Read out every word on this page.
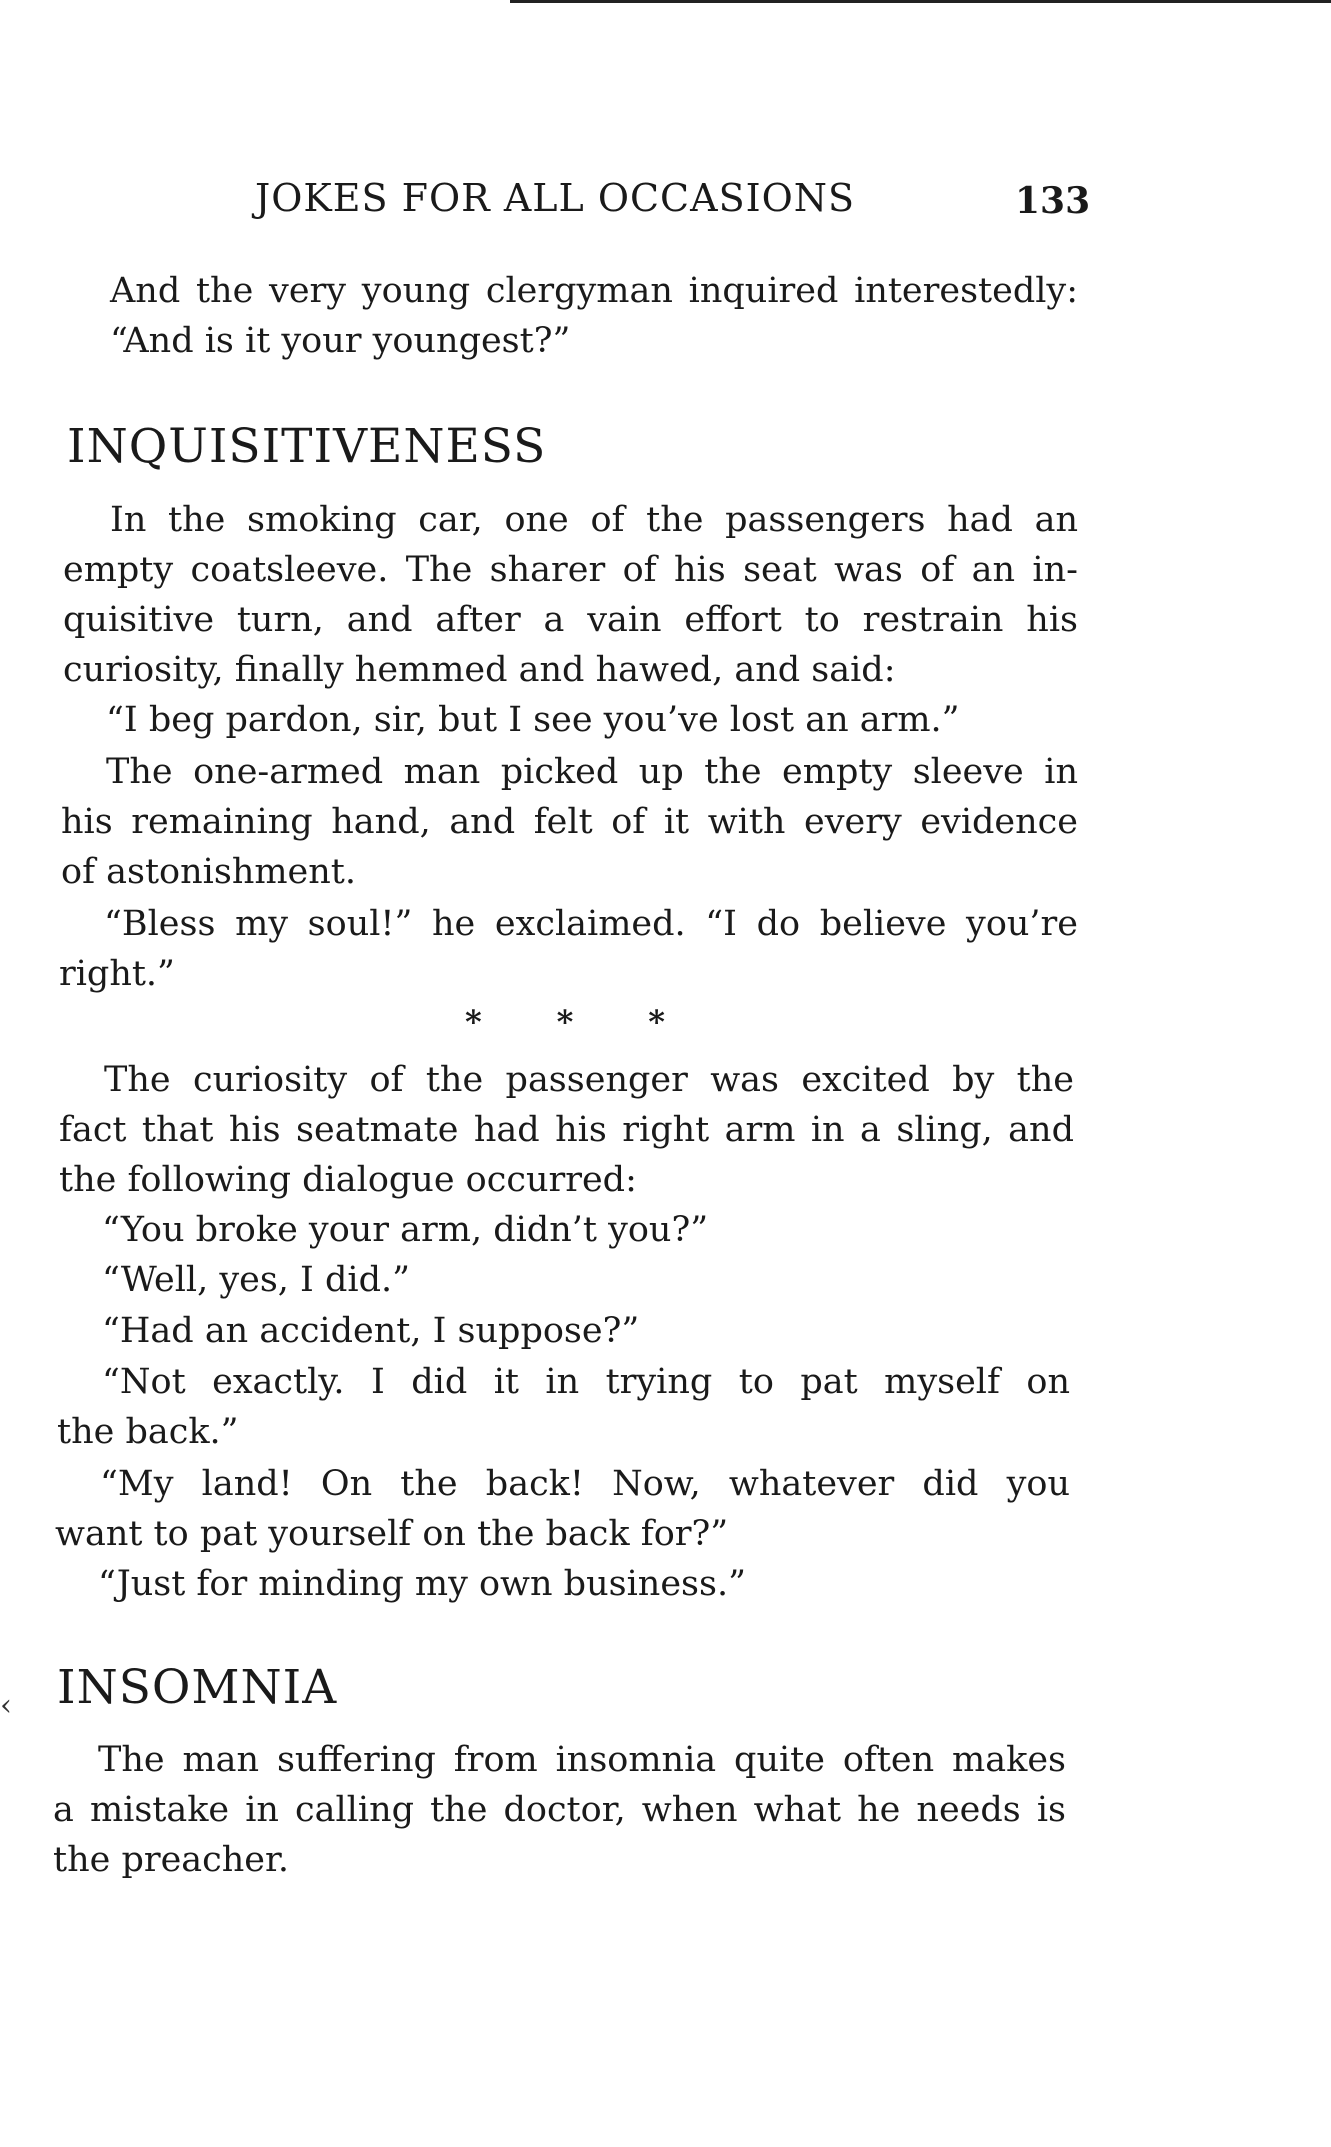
JOKES FOR ALL OCCASIONS	133
And the very young clergyman inquired interestedly:
“And is it your youngest?”
INQUISITIVENESS
In the smoking car, one of the passengers had an
empty coatsleeve. The sharer of his seat was of an in-
quisitive turn, and after a vain effort to restrain his
curiosity, finally hemmed and hawed, and said:
“I beg pardon, sir, but I see you’ve lost an arm.”
The one-armed man picked up the empty sleeve in
his remaining hand, and felt of it with every evidence
of astonishment.
“Bless my soul!” he exclaimed. “I do believe you’re
right.”
* * *
The curiosity of the passenger was excited by the
fact that his seatmate had his right arm in a sling, and
the following dialogue occurred:
“You broke your arm, didn’t you?”
“Well, yes, I did.”
“Had an accident, I suppose?”
“Not exactly. I did it in trying to pat myself on
the back.”
“My land! On the back! Now, whatever did you
want to pat yourself on the back for?”
“Just for minding my own business.”
‹ INSOMNIA
The man suffering from insomnia quite often makes
a mistake in calling the doctor, when what he needs is
the preacher.
